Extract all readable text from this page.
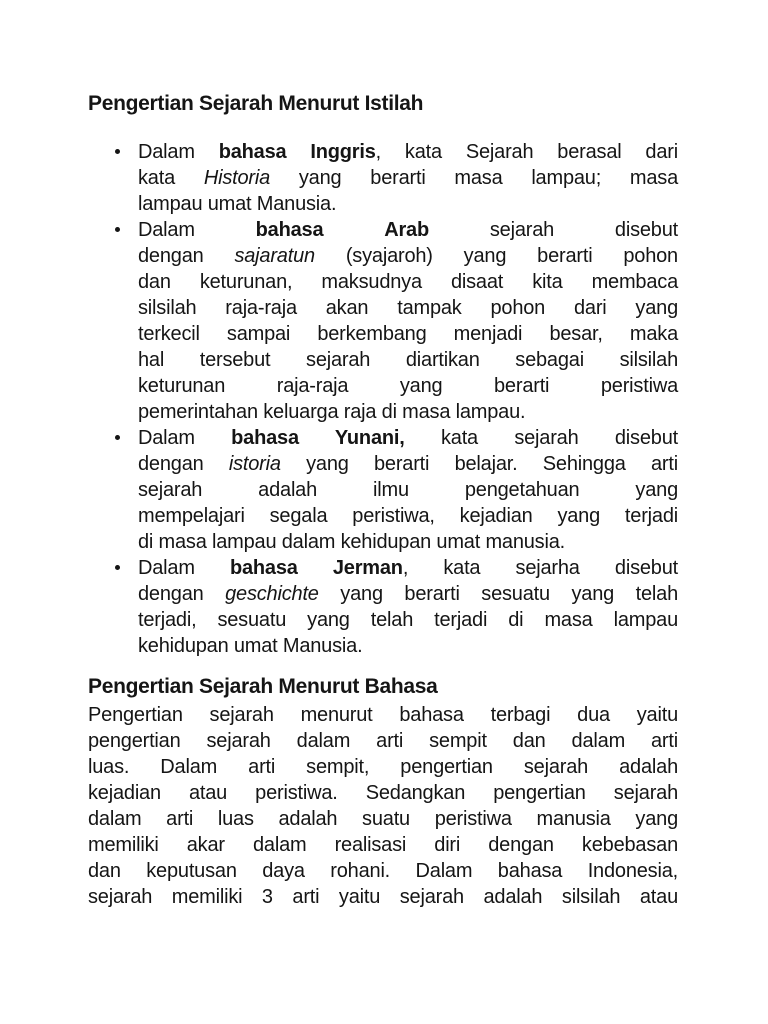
Pengertian Sejarah Menurut Istilah
Dalam bahasa Inggris, kata Sejarah berasal dari
kata Historia yang berarti masa lampau; masa
lampau umat Manusia.
Dalam bahasa	Arab sejarah disebut
dengan sajaratun (syajaroh) yang berarti pohon
dan keturunan, maksudnya disaat kita membaca
silsilah raja-raja akan tampak pohon dari yang
terkecil sampai berkembang menjadi besar, maka
hal tersebut sejarah diartikan sebagai silsilah
keturunan raja-raja yang berarti peristiwa
pemerintahan keluarga raja di masa lampau.
Dalam bahasa Yunani, kata sejarah disebut
dengan istoria yang berarti belajar. Sehingga arti
sejarah adalah ilmu pengetahuan yang
mempelajari segala peristiwa, kejadian yang terjadi
di masa lampau dalam kehidupan umat manusia.
Dalam bahasa Jerman, kata sejarha disebut
dengan geschichte yang berarti sesuatu yang telah
terjadi, sesuatu yang telah terjadi di masa lampau
kehidupan umat Manusia.
Pengertian Sejarah Menurut Bahasa
Pengertian sejarah menurut bahasa terbagi dua yaitu
pengertian sejarah dalam arti sempit dan dalam arti
luas. Dalam arti sempit, pengertian sejarah adalah
kejadian atau peristiwa. Sedangkan pengertian sejarah
dalam arti luas adalah suatu peristiwa manusia yang
memiliki akar dalam realisasi diri dengan kebebasan
dan keputusan daya rohani. Dalam bahasa Indonesia,
sejarah memiliki 3 arti yaitu sejarah adalah silsilah atau
